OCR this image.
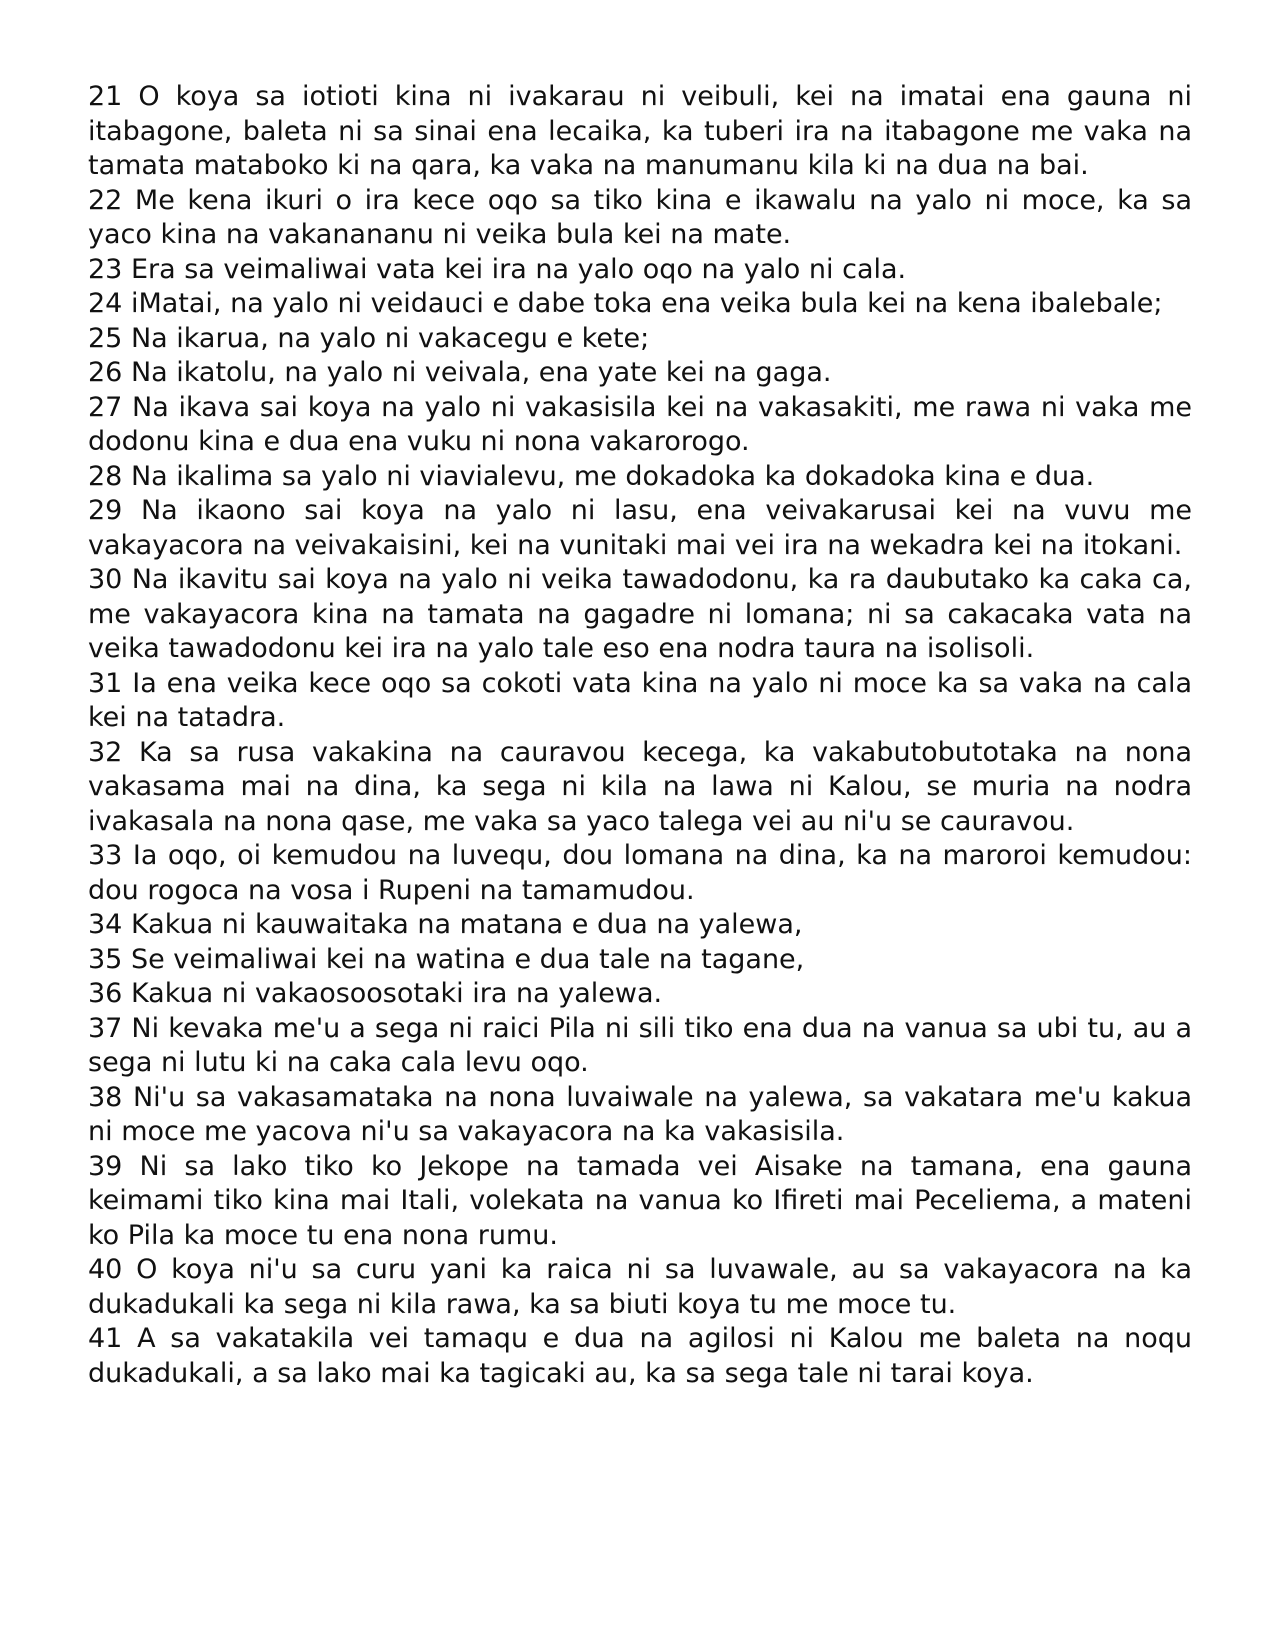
21 O koya sa iotioti kina ni ivakarau ni veibuli, kei na imatai ena gauna ni itabagone, baleta ni sa sinai ena lecaika, ka tuberi ira na itabagone me vaka na tamata mataboko ki na qara, ka vaka na manumanu kila ki na dua na bai.

22 Me kena ikuri o ira kece oqo sa tiko kina e ikawalu na yalo ni moce, ka sa yaco kina na vakanananu ni veika bula kei na mate.

23 Era sa veimaliwai vata kei ira na yalo oqo na yalo ni cala.

24 iMatai, na yalo ni veidauci e dabe toka ena veika bula kei na kena ibalebale;

25 Na ikarua, na yalo ni vakacegu e kete;

26 Na ikatolu, na yalo ni veivala, ena yate kei na gaga.

27 Na ikava sai koya na yalo ni vakasisila kei na vakasakiti, me rawa ni vaka me dodonu kina e dua ena vuku ni nona vakarorogo.

28 Na ikalima sa yalo ni viavialevu, me dokadoka ka dokadoka kina e dua.

29 Na ikaono sai koya na yalo ni lasu, ena veivakarusai kei na vuvu me vakayacora na veivakaisini, kei na vunitaki mai vei ira na wekadra kei na itokani.

30 Na ikavitu sai koya na yalo ni veika tawadodonu, ka ra daubutako ka caka ca, me vakayacora kina na tamata na gagadre ni lomana; ni sa cakacaka vata na veika tawadodonu kei ira na yalo tale eso ena nodra taura na isolisoli.

31 Ia ena veika kece oqo sa cokoti vata kina na yalo ni moce ka sa vaka na cala kei na tatadra.

32 Ka sa rusa vakakina na cauravou kecega, ka vakabutobutotaka na nona vakasama mai na dina, ka sega ni kila na lawa ni Kalou, se muria na nodra ivakasala na nona qase, me vaka sa yaco talega vei au ni'u se cauravou.

33 Ia oqo, oi kemudou na luvequ, dou lomana na dina, ka na maroroi kemudou: dou rogoca na vosa i Rupeni na tamamudou.

34 Kakua ni kauwaitaka na matana e dua na yalewa,

35 Se veimaliwai kei na watina e dua tale na tagane,

36 Kakua ni vakaosoosotaki ira na yalewa.

37 Ni kevaka me'u a sega ni raici Pila ni sili tiko ena dua na vanua sa ubi tu, au a sega ni lutu ki na caka cala levu oqo.

38 Ni'u sa vakasamataka na nona luvaiwale na yalewa, sa vakatara me'u kakua ni moce me yacova ni'u sa vakayacora na ka vakasisila.

39 Ni sa lako tiko ko Jekope na tamada vei Aisake na tamana, ena gauna keimami tiko kina mai Itali, volekata na vanua ko Ifireti mai Peceliema, a mateni ko Pila ka moce tu ena nona rumu.

40 O koya ni'u sa curu yani ka raica ni sa luvawale, au sa vakayacora na ka dukadukali ka sega ni kila rawa, ka sa biuti koya tu me moce tu.

41 A sa vakatakila vei tamaqu e dua na agilosi ni Kalou me baleta na noqu dukadukali, a sa lako mai ka tagicaki au, ka sa sega tale ni tarai koya.
